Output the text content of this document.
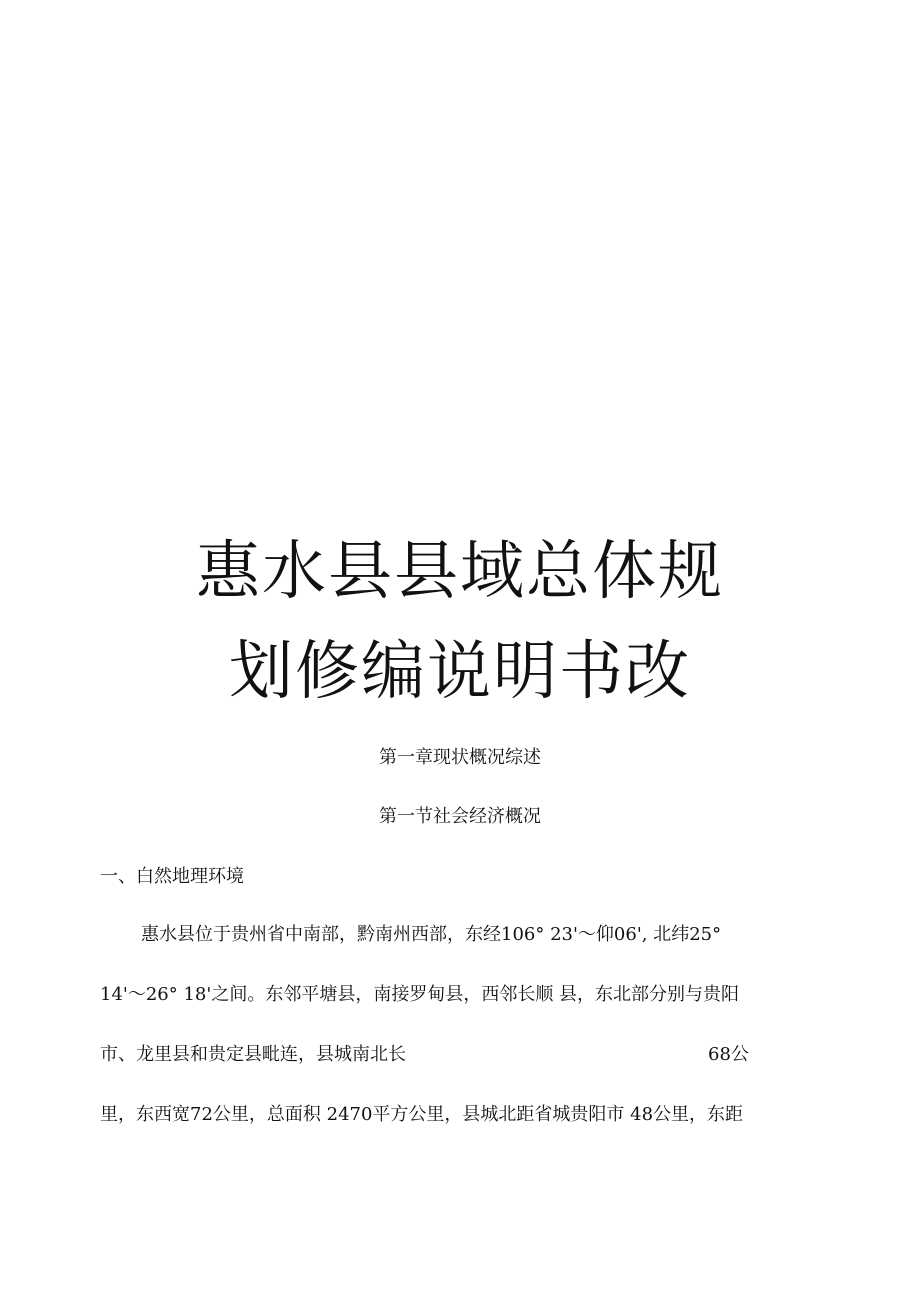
惠水县县域总体规
划修编说明书改
第一章现状概况综述
第一节社会经济概况
一、白然地理环境
惠水县位于贵州省中南部，黔南州西部，东经106° 23'～仰06', 北纬25°
14'～26° 18'之间。东邻平塘县，南接罗甸县，西邻长顺 县，东北部分别与贵阳
市、龙里县和贵定县毗连，县城南北长	68公
里，东西宽72公里，总面积 2470平方公里，县城北距省城贵阳市 48公里，东距
